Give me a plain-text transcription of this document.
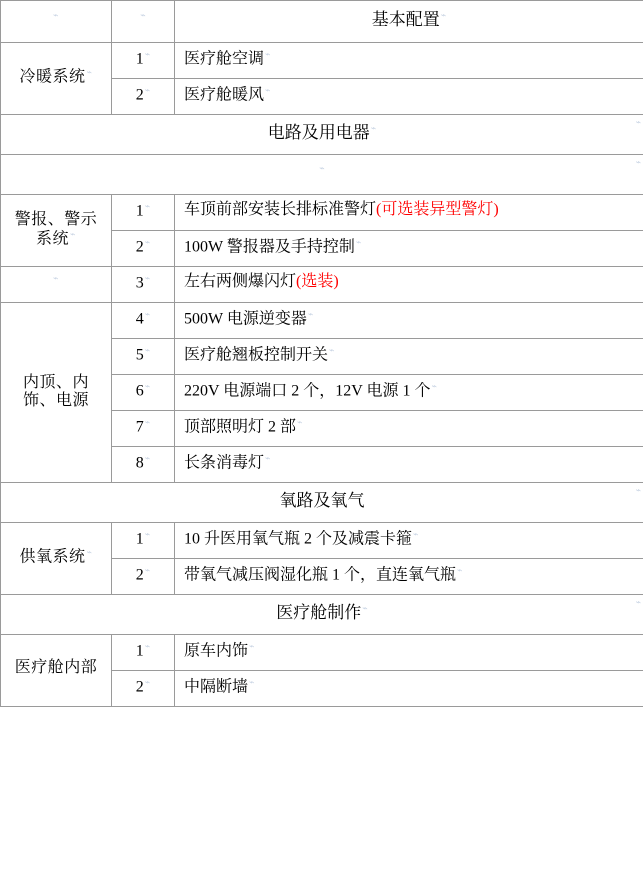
⌁	⌁	基本配置⌁

冷暖系统⌁	1⌁	医疗舱空调⌁

	2⌁	医疗舱暖风⌁

电路及用电器⌁
⌁		

⌁
⌁		

警报、警示系统⌁	1⌁	车顶前部安装长排标准警灯(可选装异型警灯)

	2⌁	100W 警报器及手持控制⌁

⌁	3⌁	左右两侧爆闪灯(选装)

内顶、内饰、电源	4⌁	500W 电源逆变器⌁

	5⌁	医疗舱翘板控制开关⌁

	6⌁	220V 电源端口 2 个，12V 电源 1 个⌁

	7⌁	顶部照明灯 2 部⌁

	8⌁	长条消毒灯⌁

氧路及氧气
⌁		

供氧系统⌁	1⌁	10 升医用氧气瓶 2 个及减震卡箍⌁

	2⌁	带氧气减压阀湿化瓶 1 个，直连氧气瓶⌁

医疗舱制作⌁
⌁		

医疗舱内部	1⌁	原车内饰⌁

	2⌁	中隔断墙⌁
